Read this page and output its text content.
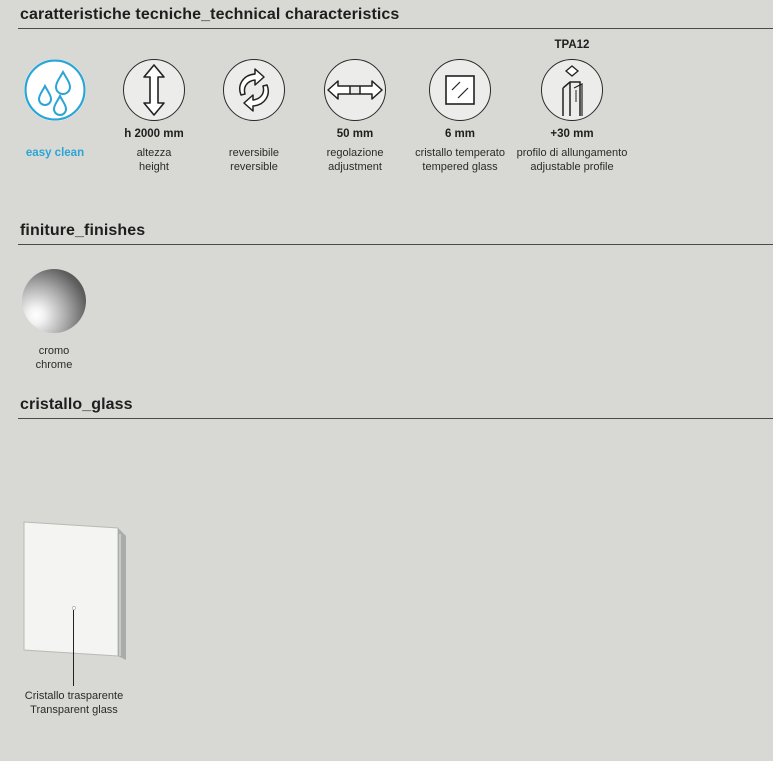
caratteristiche tecniche_technical characteristics
easy clean
h 2000 mm
altezza
height
reversibile
reversible
50 mm
regolazione
adjustment
6 mm
cristallo temperato
tempered glass
TPA12
+30 mm
profilo di allungamento
adjustable profile
finiture_finishes
cromo
chrome
cristallo_glass
Cristallo trasparente
Transparent glass
